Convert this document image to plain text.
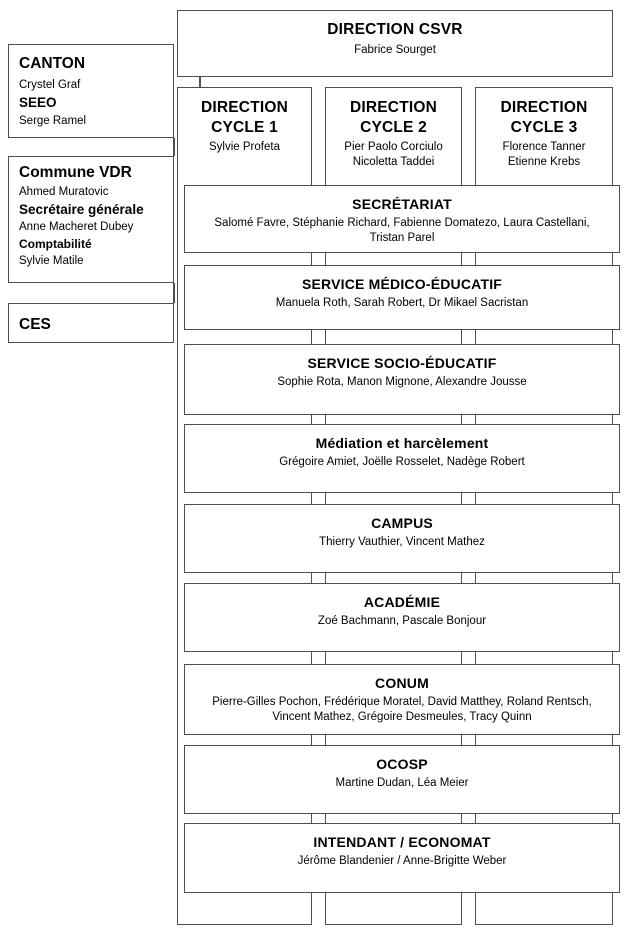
DIRECTION
CYCLE 1
Sylvie Profeta
DIRECTION
CYCLE 2
Pier Paolo Corciulo
Nicoletta Taddei
DIRECTION
CYCLE 3
Florence Tanner
Etienne Krebs
SECRÉTARIAT
Salomé Favre, Stéphanie Richard, Fabienne Domatezo, Laura Castellani, Tristan Parel
SERVICE MÉDICO-ÉDUCATIF
Manuela Roth, Sarah Robert, Dr Mikael Sacristan
SERVICE SOCIO-ÉDUCATIF
Sophie Rota, Manon Mignone, Alexandre Jousse
Médiation et harcèlement
Grégoire Amiet, Joëlle Rosselet, Nadège Robert
CAMPUS
Thierry Vauthier, Vincent Mathez
ACADÉMIE
Zoé Bachmann, Pascale Bonjour
CONUM
Pierre-Gilles Pochon, Frédérique Moratel, David Matthey, Roland Rentsch, Vincent Mathez, Grégoire Desmeules, Tracy Quinn
OCOSP
Martine Dudan, Léa Meier
INTENDANT / ECONOMAT
Jérôme Blandenier / Anne-Brigitte Weber
DIRECTION CSVR
Fabrice Sourget
CANTON
Crystel Graf
SEEO
Serge Ramel
Commune VDR
Ahmed Muratovic
Secrétaire générale
Anne Macheret Dubey
Comptabilité
Sylvie Matile
CES
